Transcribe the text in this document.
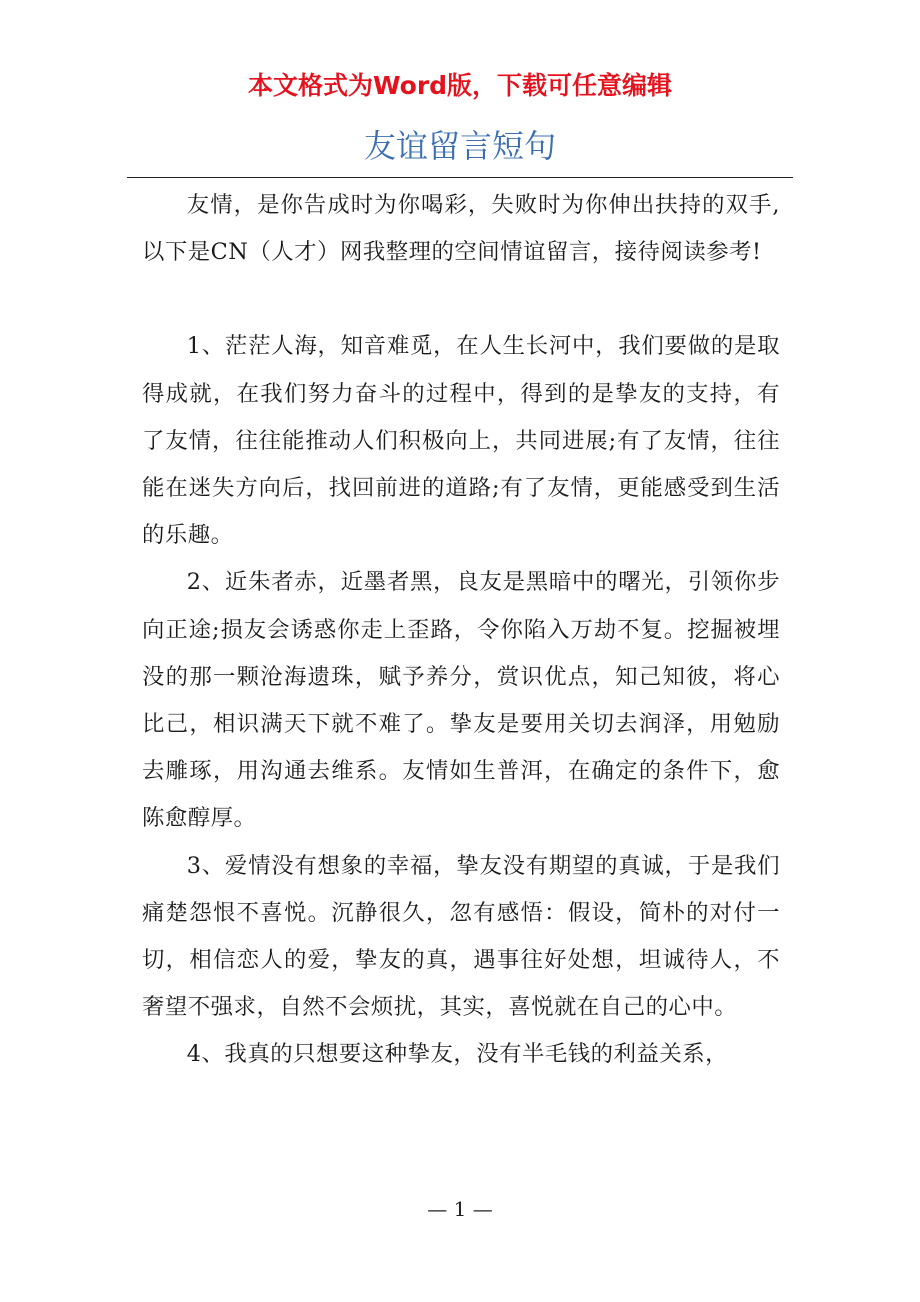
本文格式为Word版，下载可任意编辑
友谊留言短句

友情，是你告成时为你喝彩，失败时为你伸出扶持的双手,以下是CN（人才）网我整理的空间情谊留言，接待阅读参考!

1、茫茫人海，知音难觅，在人生长河中，我们要做的是取得成就，在我们努力奋斗的过程中，得到的是挚友的支持，有了友情，往往能推动人们积极向上，共同进展;有了友情，往往能在迷失方向后，找回前进的道路;有了友情，更能感受到生活的乐趣。

2、近朱者赤，近墨者黑，良友是黑暗中的曙光，引领你步向正途;损友会诱惑你走上歪路，令你陷入万劫不复。挖掘被埋没的那一颗沧海遗珠，赋予养分，赏识优点，知己知彼，将心比己，相识满天下就不难了。挚友是要用关切去润泽，用勉励去雕琢，用沟通去维系。友情如生普洱，在确定的条件下，愈陈愈醇厚。

3、爱情没有想象的幸福，挚友没有期望的真诚，于是我们痛楚怨恨不喜悦。沉静很久，忽有感悟：假设，简朴的对付一切，相信恋人的爱，挚友的真，遇事往好处想，坦诚待人，不奢望不强求，自然不会烦扰，其实，喜悦就在自己的心中。

4、我真的只想要这种挚友，没有半毛钱的利益关系，

— 1 —
